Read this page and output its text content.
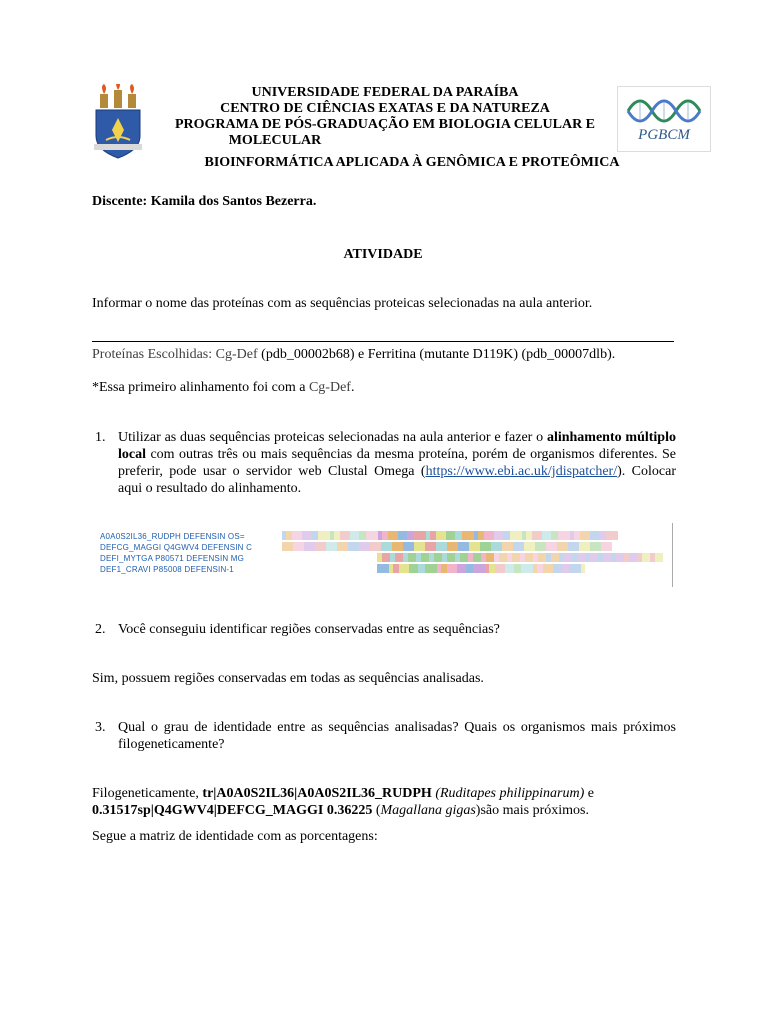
PGBCM
UNIVERSIDADE FEDERAL DA PARAÍBA
CENTRO DE CIÊNCIAS EXATAS E DA NATUREZA
PROGRAMA DE PÓS-GRADUAÇÃO EM BIOLOGIA CELULAR E
MOLECULAR
BIOINFORMÁTICA APLICADA À GENÔMICA E PROTEÔMICA
Discente: Kamila dos Santos Bezerra.
ATIVIDADE
Informar o nome das proteínas com as sequências proteicas selecionadas na aula anterior.
Proteínas Escolhidas: Cg-Def (pdb_00002b68) e Ferritina (mutante D119K) (pdb_00007dlb).
*Essa primeiro alinhamento foi com a Cg-Def.
1. Utilizar as duas sequências proteicas selecionadas na aula anterior e fazer o alinhamento múltiplo local com outras três ou mais sequências da mesma proteína, porém de organismos diferentes. Se preferir, pode usar o servidor web Clustal Omega (https://www.ebi.ac.uk/jdispatcher/). Colocar aqui o resultado do alinhamento.
A0A0S2IL36_RUDPH DEFENSIN OS=
DEFCG_MAGGI Q4GWV4 DEFENSIN C
DEFI_MYTGA P80571 DEFENSIN MG
DEF1_CRAVI P85008 DEFENSIN-1
2. Você conseguiu identificar regiões conservadas entre as sequências?
Sim, possuem regiões conservadas em todas as sequências analisadas.
3. Qual o grau de identidade entre as sequências analisadas? Quais os organismos mais próximos filogeneticamente?
Filogeneticamente, tr|A0A0S2IL36|A0A0S2IL36_RUDPH (Ruditapes philippinarum) e
0.31517sp|Q4GWV4|DEFCG_MAGGI 0.36225 (Magallana gigas)são mais próximos.
Segue a matriz de identidade com as porcentagens:
